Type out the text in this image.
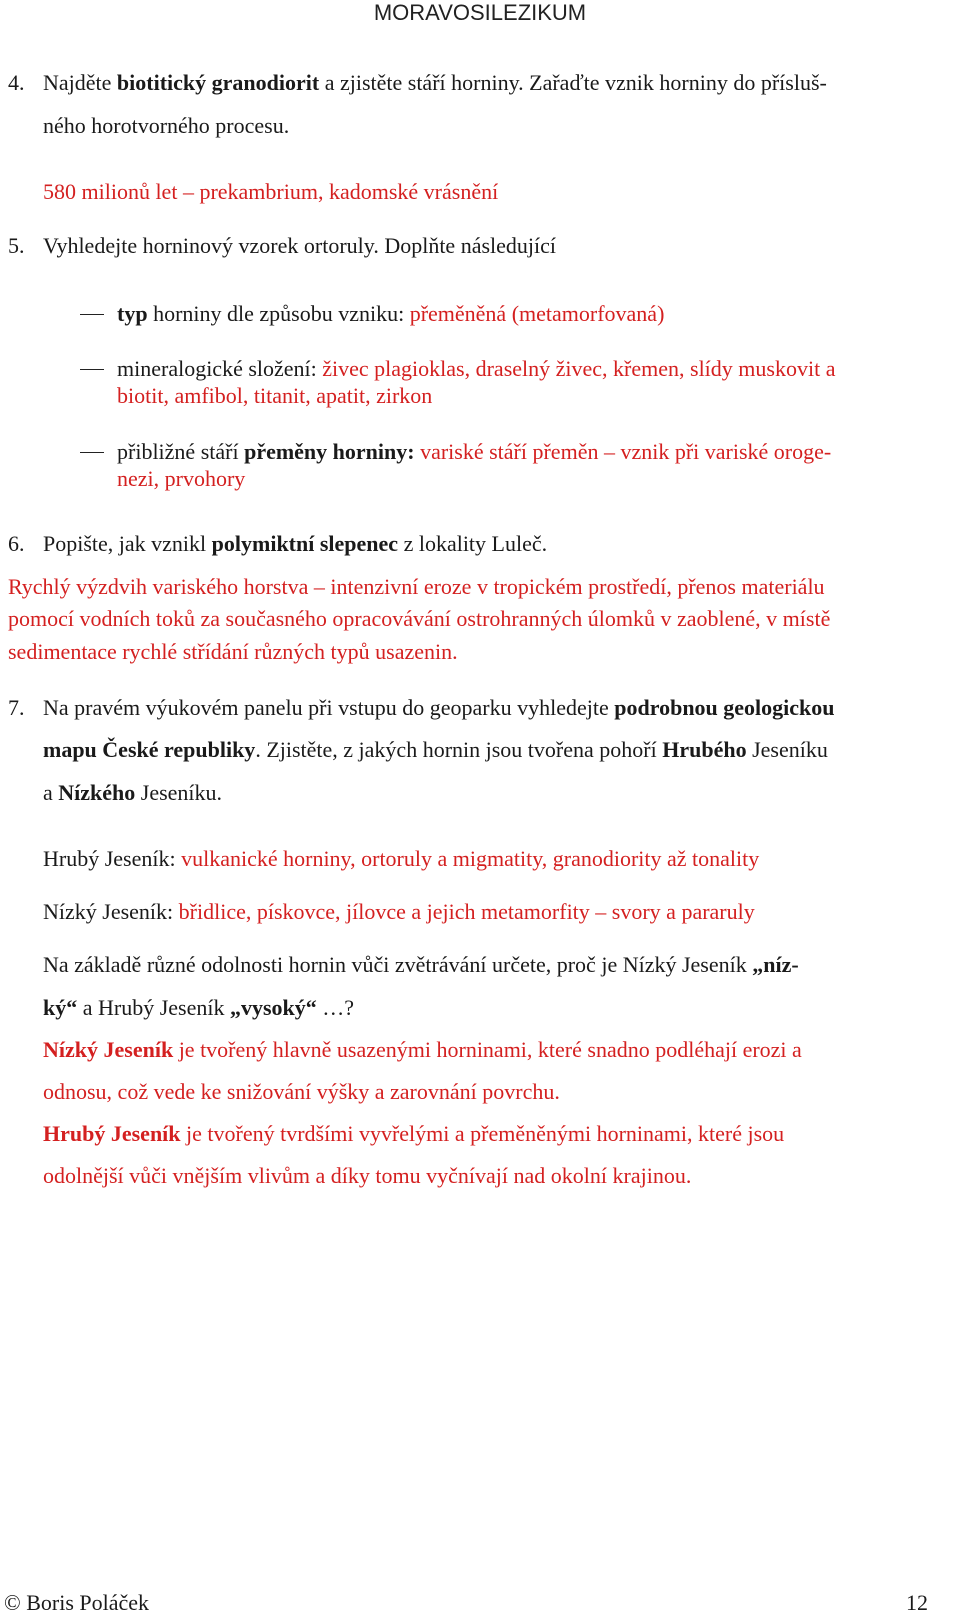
MORAVOSILEZIKUM
4. Najděte biotitický granodiorit a zjistěte stáří horniny. Zařaďte vznik horniny do přísluš-
ného horotvorného procesu.
580 milionů let – prekambrium, kadomské vrásnění
5. Vyhledejte horninový vzorek ortoruly. Doplňte následující
typ horniny dle způsobu vzniku: přeměněná (metamorfovaná)
mineralogické složení: živec plagioklas, draselný živec, křemen, slídy muskovit a
biotit, amfibol, titanit, apatit, zirkon
přibližné stáří přeměny horniny: variské stáří přeměn – vznik při variské oroge-
nezi, prvohory
6. Popište, jak vznikl polymiktní slepenec z lokality Luleč.
Rychlý výzdvih variského horstva – intenzivní eroze v tropickém prostředí, přenos materiálu
pomocí vodních toků za současného opracovávání ostrohranných úlomků v zaoblené, v místě
sedimentace rychlé střídání různých typů usazenin.
7. Na pravém výukovém panelu při vstupu do geoparku vyhledejte podrobnou geologickou
mapu České republiky. Zjistěte, z jakých hornin jsou tvořena pohoří Hrubého Jeseníku
a Nízkého Jeseníku.
Hrubý Jeseník: vulkanické horniny, ortoruly a migmatity, granodiority až tonality
Nízký Jeseník: břidlice, pískovce, jílovce a jejich metamorfity – svory a pararuly
Na základě různé odolnosti hornin vůči zvětrávání určete, proč je Nízký Jeseník „níz-
ký“ a Hrubý Jeseník „vysoký“ …?
Nízký Jeseník je tvořený hlavně usazenými horninami, které snadno podléhají erozi a
odnosu, což vede ke snižování výšky a zarovnání povrchu.
Hrubý Jeseník je tvořený tvrdšími vyvřelými a přeměněnými horninami, které jsou
odolnější vůči vnějším vlivům a díky tomu vyčnívají nad okolní krajinou.
© Boris Poláček	12
